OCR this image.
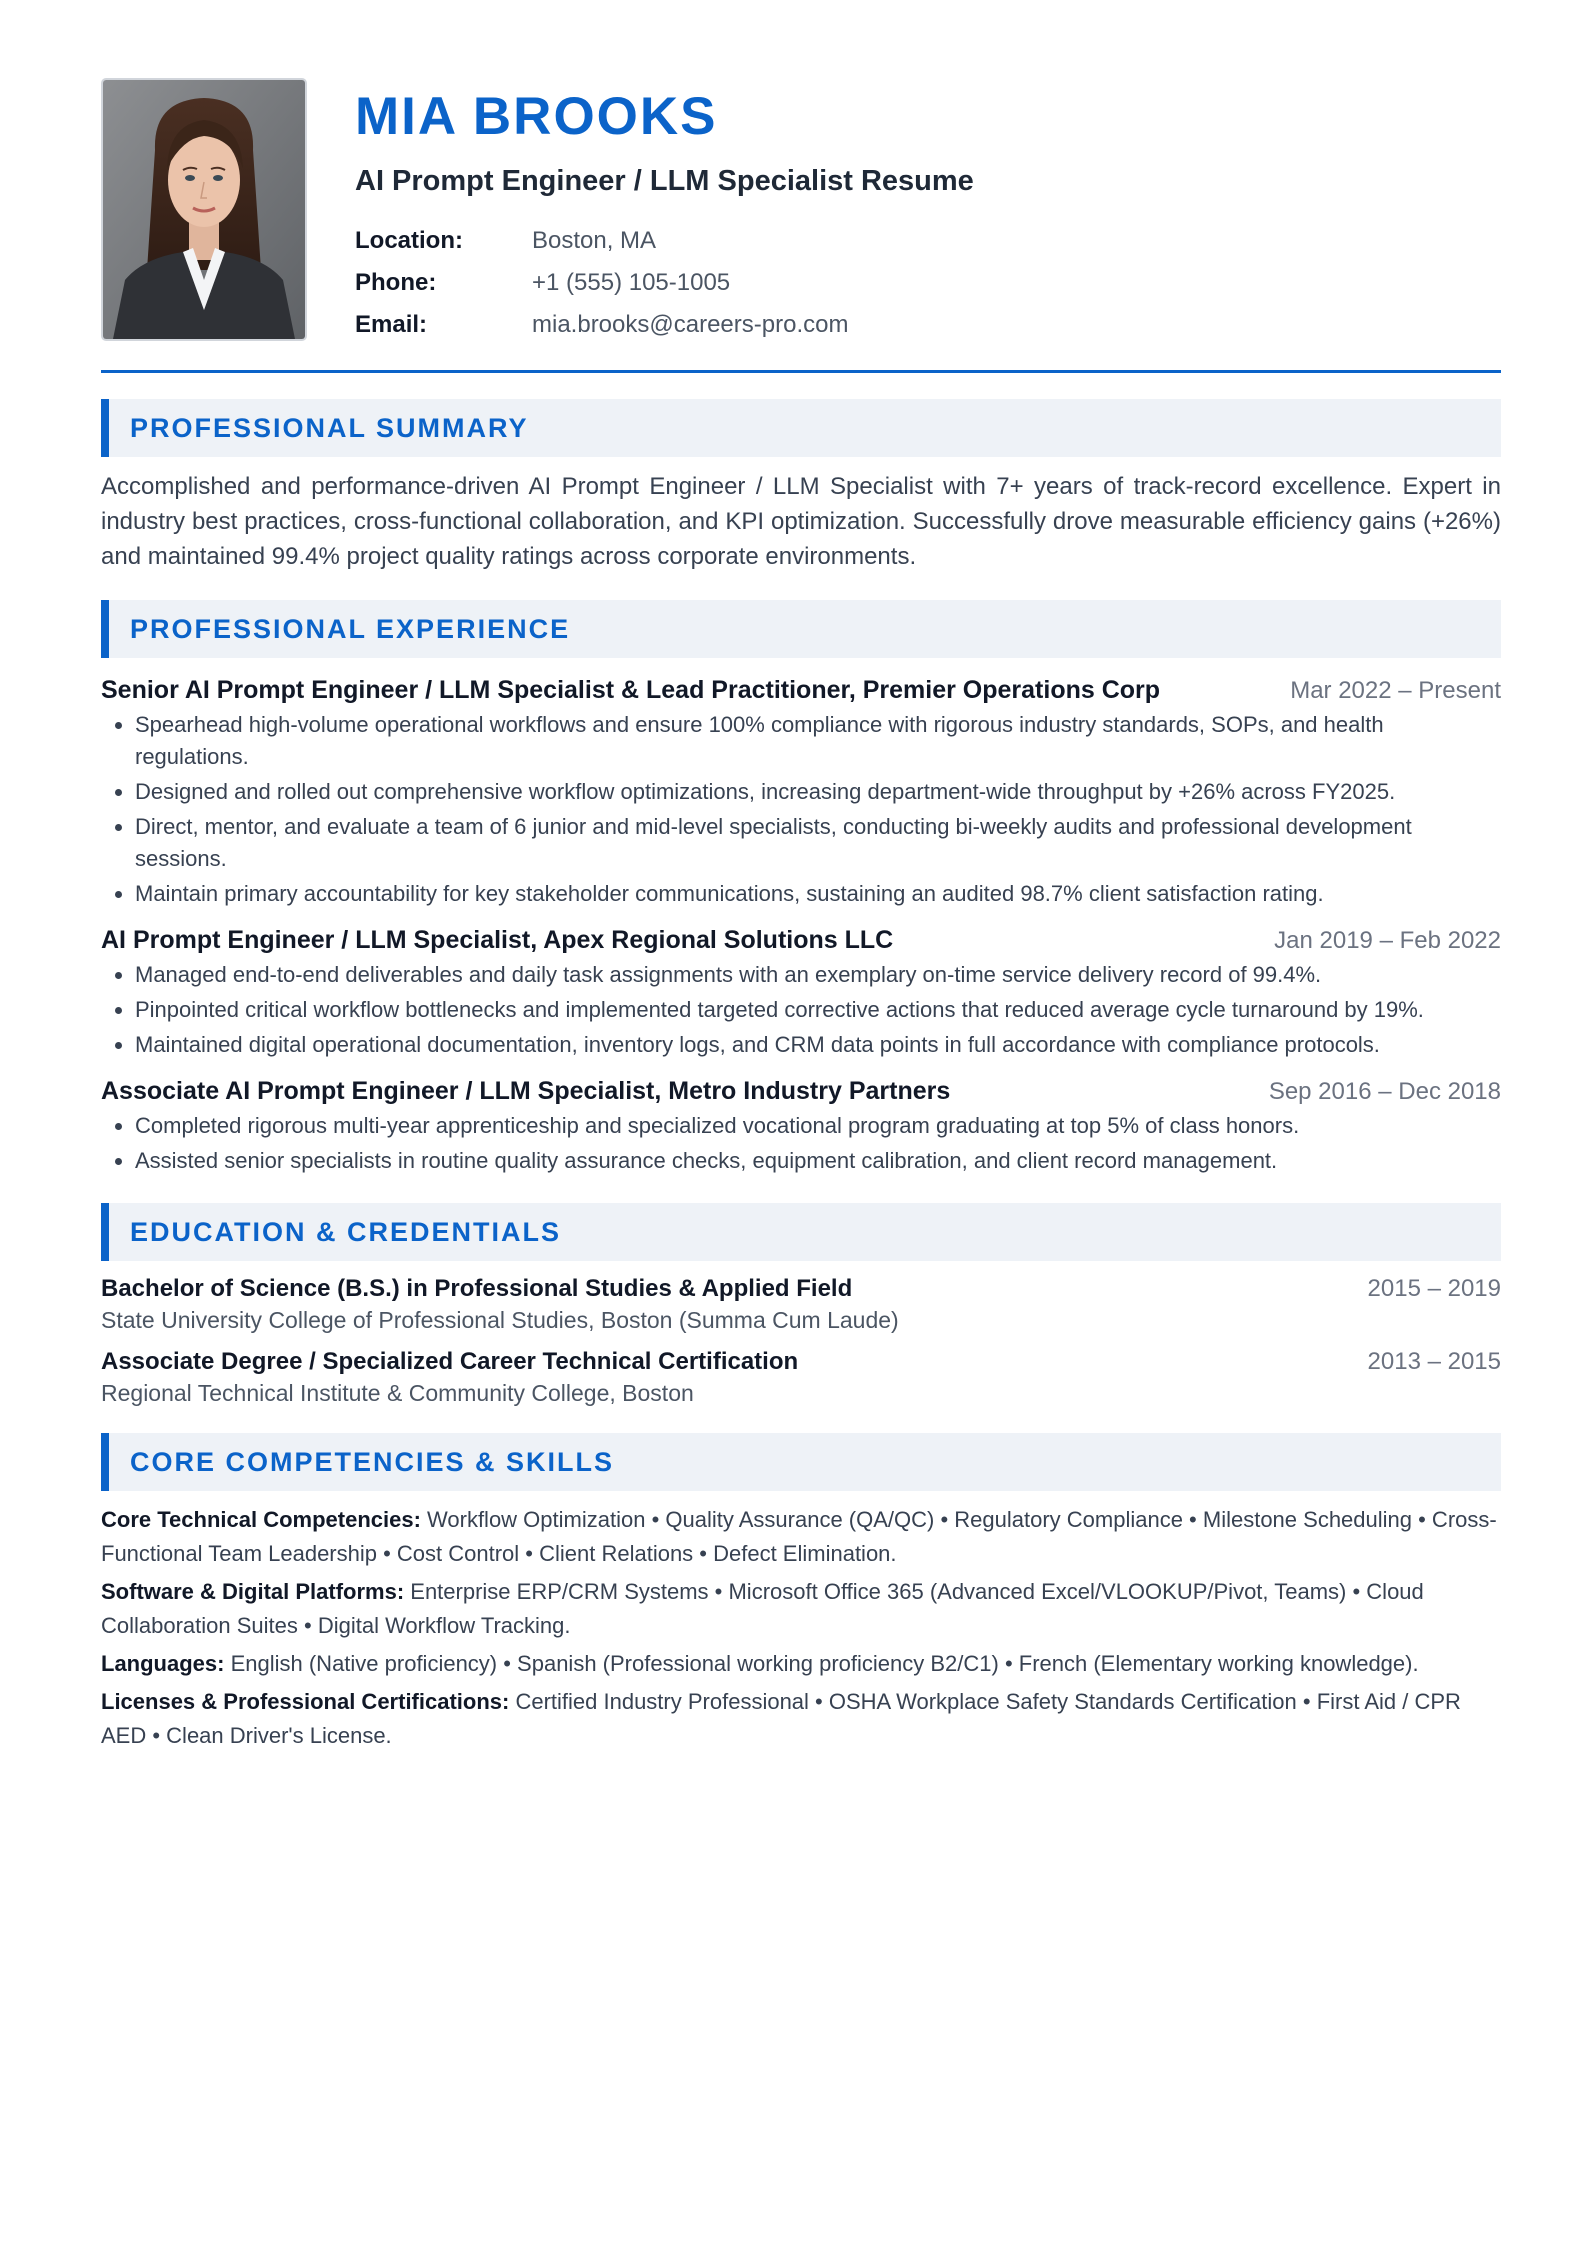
MIA BROOKS
AI Prompt Engineer / LLM Specialist Resume
Location:	Boston, MA
Phone:	+1 (555) 105-1005
Email:	mia.brooks@careers-pro.com
PROFESSIONAL SUMMARY
Accomplished and performance-driven AI Prompt Engineer / LLM Specialist with 7+ years of track-record excellence. Expert in industry best practices, cross-functional collaboration, and KPI optimization. Successfully drove measurable efficiency gains (+26%) and maintained 99.4% project quality ratings across corporate environments.
PROFESSIONAL EXPERIENCE
Senior AI Prompt Engineer / LLM Specialist & Lead Practitioner, Premier Operations Corp	Mar 2022 – Present
• Spearhead high-volume operational workflows and ensure 100% compliance with rigorous industry standards, SOPs, and health regulations.
• Designed and rolled out comprehensive workflow optimizations, increasing department-wide throughput by +26% across FY2025.
• Direct, mentor, and evaluate a team of 6 junior and mid-level specialists, conducting bi-weekly audits and professional development sessions.
• Maintain primary accountability for key stakeholder communications, sustaining an audited 98.7% client satisfaction rating.
AI Prompt Engineer / LLM Specialist, Apex Regional Solutions LLC	Jan 2019 – Feb 2022
• Managed end-to-end deliverables and daily task assignments with an exemplary on-time service delivery record of 99.4%.
• Pinpointed critical workflow bottlenecks and implemented targeted corrective actions that reduced average cycle turnaround by 19%.
• Maintained digital operational documentation, inventory logs, and CRM data points in full accordance with compliance protocols.
Associate AI Prompt Engineer / LLM Specialist, Metro Industry Partners	Sep 2016 – Dec 2018
• Completed rigorous multi-year apprenticeship and specialized vocational program graduating at top 5% of class honors.
• Assisted senior specialists in routine quality assurance checks, equipment calibration, and client record management.
EDUCATION & CREDENTIALS
Bachelor of Science (B.S.) in Professional Studies & Applied Field	2015 – 2019
State University College of Professional Studies, Boston (Summa Cum Laude)
Associate Degree / Specialized Career Technical Certification	2013 – 2015
Regional Technical Institute & Community College, Boston
CORE COMPETENCIES & SKILLS
Core Technical Competencies: Workflow Optimization • Quality Assurance (QA/QC) • Regulatory Compliance • Milestone Scheduling • Cross-Functional Team Leadership • Cost Control • Client Relations • Defect Elimination.
Software & Digital Platforms: Enterprise ERP/CRM Systems • Microsoft Office 365 (Advanced Excel/VLOOKUP/Pivot, Teams) • Cloud Collaboration Suites • Digital Workflow Tracking.
Languages: English (Native proficiency) • Spanish (Professional working proficiency B2/C1) • French (Elementary working knowledge).
Licenses & Professional Certifications: Certified Industry Professional • OSHA Workplace Safety Standards Certification • First Aid / CPR AED • Clean Driver's License.
